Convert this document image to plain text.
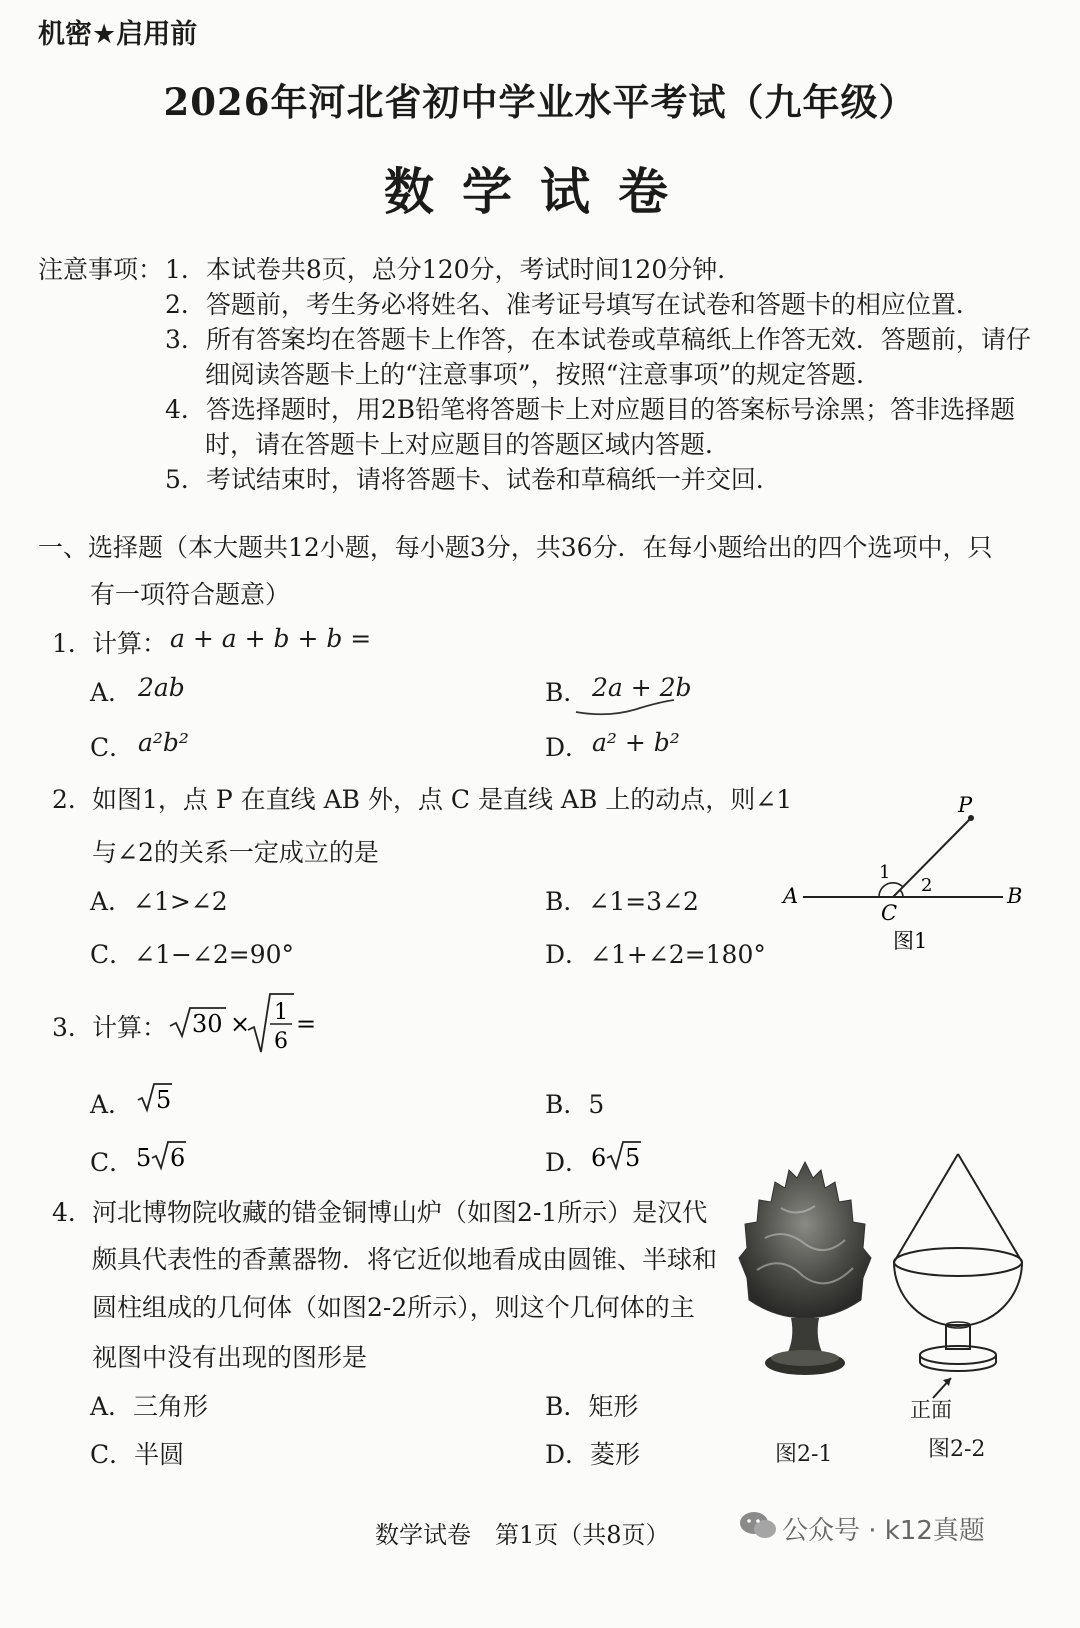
机密★启用前
2026年河北省初中学业水平考试（九年级）
数学试卷
注意事项： 1．本试卷共8页，总分120分，考试时间120分钟．
2．答题前，考生务必将姓名、准考证号填写在试卷和答题卡的相应位置．
3．所有答案均在答题卡上作答，在本试卷或草稿纸上作答无效．答题前，请仔
细阅读答题卡上的“注意事项”，按照“注意事项”的规定答题．
4．答选择题时，用2B铅笔将答题卡上对应题目的答案标号涂黑；答非选择题
时，请在答题卡上对应题目的答题区域内答题．
5．考试结束时，请将答题卡、试卷和草稿纸一并交回．
一、选择题（本大题共12小题，每小题3分，共36分．在每小题给出的四个选项中，只
有一项符合题意）
1． 计算： a + a + b + b =
A． 2ab	B． 2a + 2b
C． a²b²	D． a² + b²
2． 如图1，点 P 在直线 AB 外，点 C 是直线 AB 上的动点，则∠1
与∠2的关系一定成立的是
A．∠1>∠2	B．∠1=3∠2
C．∠1−∠2=90°	D．∠1+∠2=180°
P
A	B
C
1
2
图1
3． 计算： 30 × 1
6
=
A． 5	B．5
C． 5 6	D． 6 5
4． 河北博物院收藏的错金铜博山炉（如图2-1所示）是汉代
颇具代表性的香薰器物．将它近似地看成由圆锥、半球和
圆柱组成的几何体（如图2-2所示），则这个几何体的主
视图中没有出现的图形是
A．三角形	B．矩形
C．半圆	D．菱形
正面
图2-1	图2-2
数学试卷　第1页（共8页）	公众号 · k12真题
